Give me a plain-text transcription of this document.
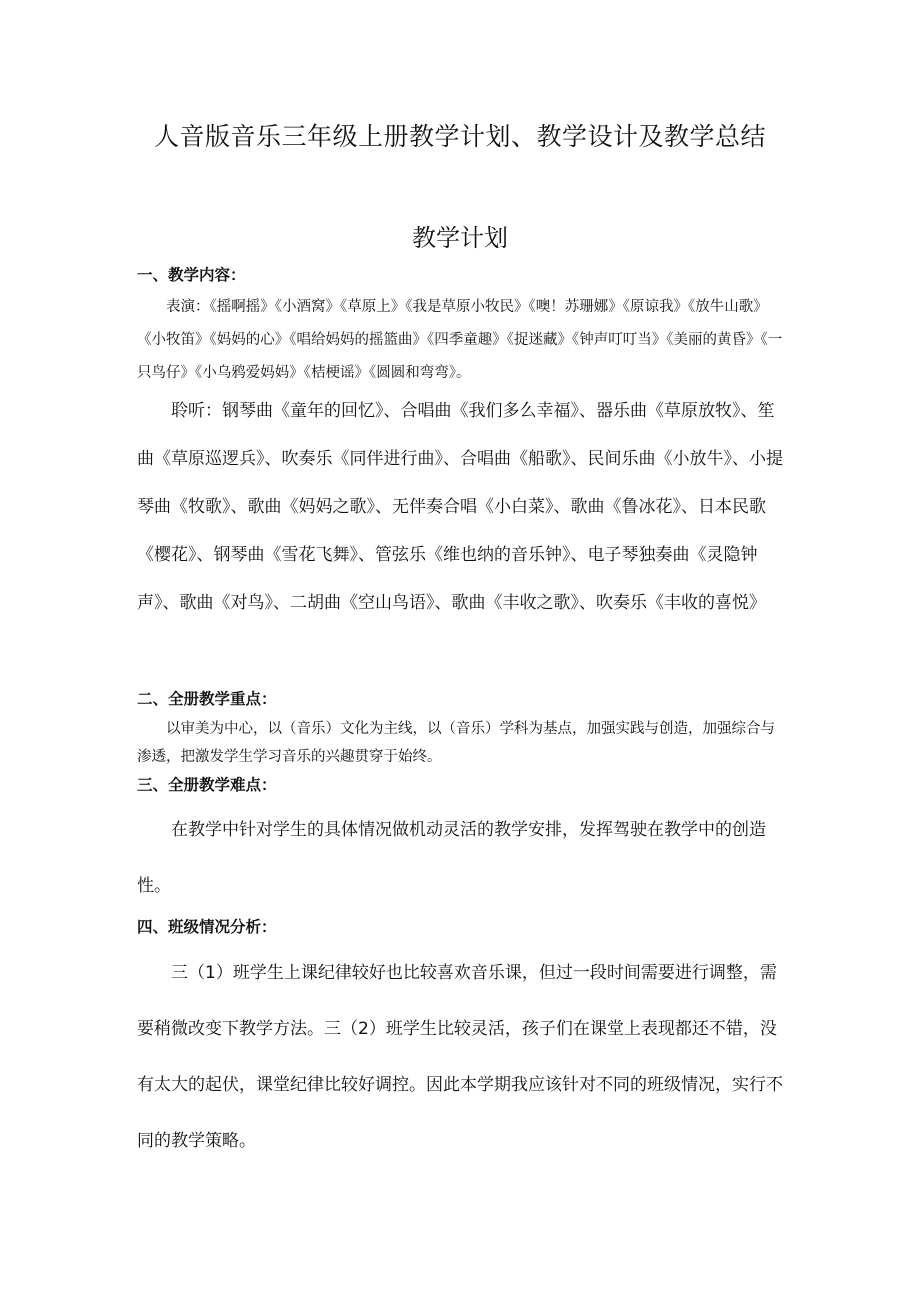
人音版音乐三年级上册教学计划、教学设计及教学总结
教学计划
一、教学内容：
表演：《摇啊摇》《小酒窝》《草原上》《我是草原小牧民》《噢！苏珊娜》《原谅我》《放牛山歌》《小牧笛》《妈妈的心》《唱给妈妈的摇篮曲》《四季童趣》《捉迷藏》《钟声叮叮当》《美丽的黄昏》《一只鸟仔》《小乌鸦爱妈妈》《桔梗谣》《圆圆和弯弯》。
聆听：钢琴曲《童年的回忆》、合唱曲《我们多么幸福》、器乐曲《草原放牧》、笙曲《草原巡逻兵》、吹奏乐《同伴进行曲》、合唱曲《船歌》、民间乐曲《小放牛》、小提琴曲《牧歌》、歌曲《妈妈之歌》、无伴奏合唱《小白菜》、歌曲《鲁冰花》、日本民歌《樱花》、钢琴曲《雪花飞舞》、管弦乐《维也纳的音乐钟》、电子琴独奏曲《灵隐钟声》、歌曲《对鸟》、二胡曲《空山鸟语》、歌曲《丰收之歌》、吹奏乐《丰收的喜悦》
二、全册教学重点：
以审美为中心，以（音乐）文化为主线，以（音乐）学科为基点，加强实践与创造，加强综合与渗透，把激发学生学习音乐的兴趣贯穿于始终。
三、全册教学难点：
在教学中针对学生的具体情况做机动灵活的教学安排，发挥驾驶在教学中的创造性。
四、班级情况分析：
三（1）班学生上课纪律较好也比较喜欢音乐课，但过一段时间需要进行调整，需要稍微改变下教学方法。三（2）班学生比较灵活，孩子们在课堂上表现都还不错，没有太大的起伏，课堂纪律比较好调控。因此本学期我应该针对不同的班级情况，实行不同的教学策略。
